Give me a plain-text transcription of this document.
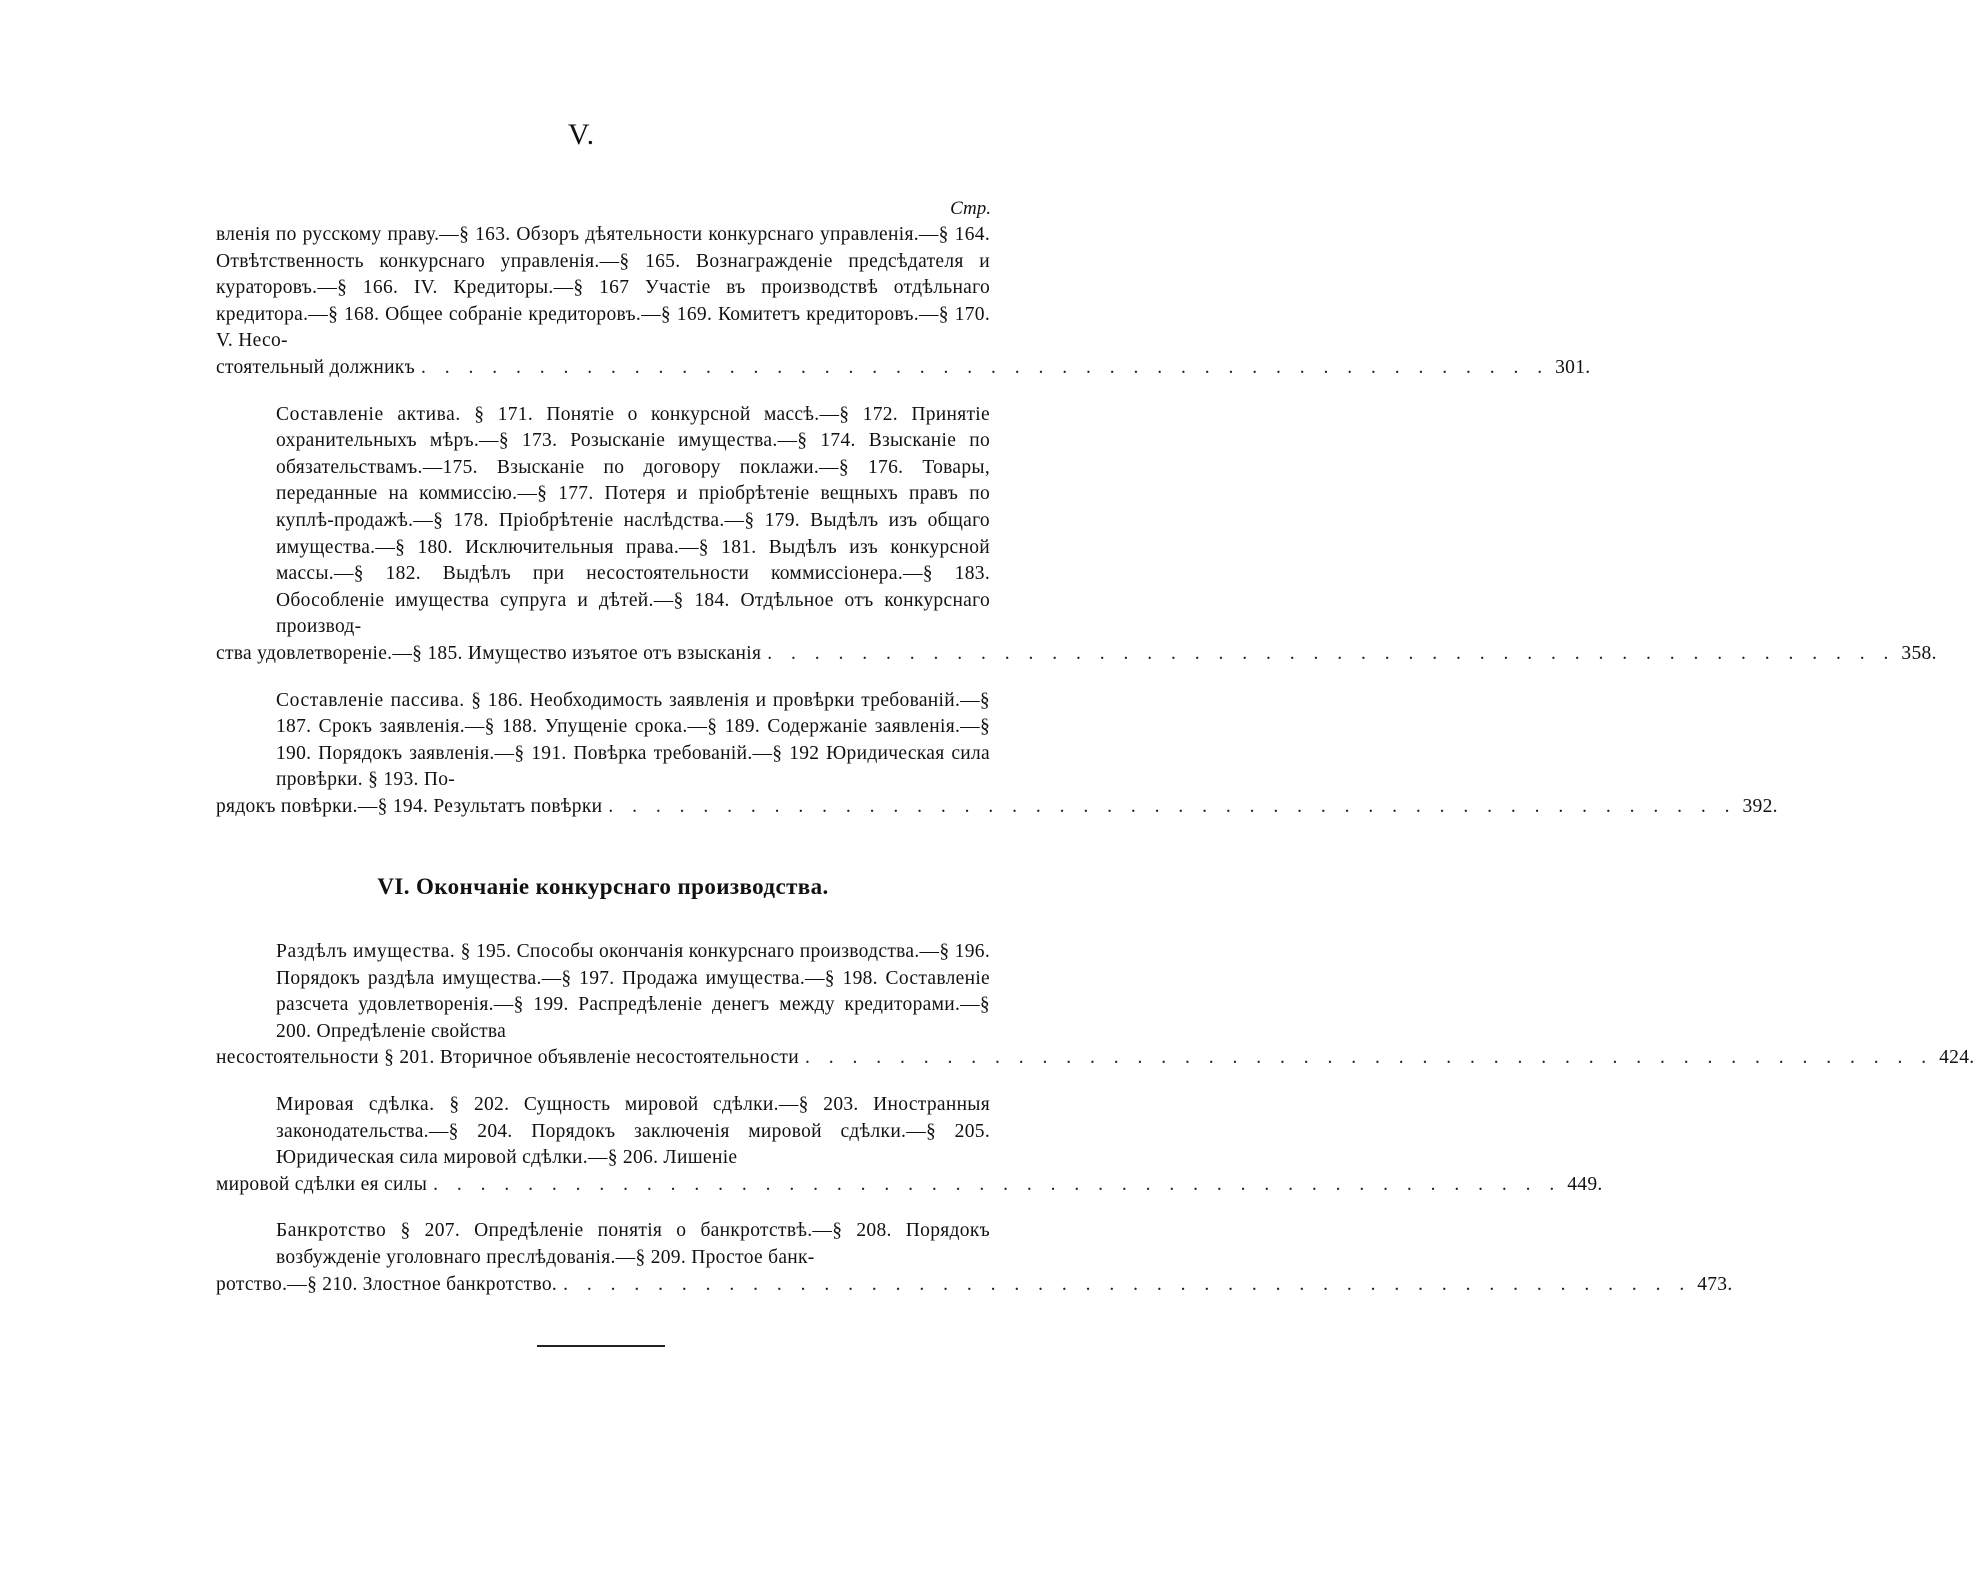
V.
Стр.
вленія по русскому праву.—§ 163. Обзоръ дѣятельности конкурснаго управленія.—§ 164. Отвѣтственность конкурснаго управленія.—§ 165. Вознагражденіе предсѣдателя и кураторовъ.—§ 166. IV. Кредиторы.—§ 167 Участіе въ производствѣ отдѣльнаго кредитора.—§ 168. Общее собраніе кредиторовъ.—§ 169. Комитетъ кредиторовъ.—§ 170. V. Несо-
стоятельный должникъ . . . . . . . . . . . . . . . . . . . . . . . . . . . . . . . . . . . . . . . . . . . . . . . . 301.
Составленіе актива. § 171. Понятіе о конкурсной массѣ.—§ 172. Принятіе охранительныхъ мѣръ.—§ 173. Розысканіе имущества.—§ 174. Взысканіе по обязательствамъ.—175. Взысканіе по договору поклажи.—§ 176. Товары, переданные на коммиссію.—§ 177. Потеря и пріобрѣтеніе вещныхъ правъ по куплѣ-продажѣ.—§ 178. Пріобрѣтеніе наслѣдства.—§ 179. Выдѣлъ изъ общаго имущества.—§ 180. Исключительныя права.—§ 181. Выдѣлъ изъ конкурсной массы.—§ 182. Выдѣлъ при несостоятельности коммиссіонера.—§ 183. Обособленіе имущества супруга и дѣтей.—§ 184. Отдѣльное отъ конкурснаго производ-
ства удовлетвореніе.—§ 185. Имущество изъятое отъ взысканія . . . . . . . . . . . . . . . . . . . . . . . . . . . . . . . . . . . . . . . . . . . . . . . . 358.
Составленіе пассива. § 186. Необходимость заявленія и провѣрки требованій.—§ 187. Срокъ заявленія.—§ 188. Упущеніе срока.—§ 189. Содержаніе заявленія.—§ 190. Порядокъ заявленія.—§ 191. Повѣрка требованій.—§ 192 Юридическая сила провѣрки. § 193. По-
рядокъ повѣрки.—§ 194. Результатъ повѣрки . . . . . . . . . . . . . . . . . . . . . . . . . . . . . . . . . . . . . . . . . . . . . . . . 392.
VI. Окончаніе конкурснаго производства.
Раздѣлъ имущества. § 195. Способы окончанія конкурснаго производства.—§ 196. Порядокъ раздѣла имущества.—§ 197. Продажа имущества.—§ 198. Составленіе разсчета удовлетворенія.—§ 199. Распредѣленіе денегъ между кредиторами.—§ 200. Опредѣленіе свойства
несостоятельности § 201. Вторичное объявленіе несостоятельности . . . . . . . . . . . . . . . . . . . . . . . . . . . . . . . . . . . . . . . . . . . . . . . . 424.
Мировая сдѣлка. § 202. Сущность мировой сдѣлки.—§ 203. Иностранныя законодательства.—§ 204. Порядокъ заключенія мировой сдѣлки.—§ 205. Юридическая сила мировой сдѣлки.—§ 206. Лишеніе
мировой сдѣлки ея силы . . . . . . . . . . . . . . . . . . . . . . . . . . . . . . . . . . . . . . . . . . . . . . . . 449.
Банкротство § 207. Опредѣленіе понятія о банкротствѣ.—§ 208. Порядокъ возбужденіе уголовнаго преслѣдованія.—§ 209. Простое банк-
ротство.—§ 210. Злостное банкротство. . . . . . . . . . . . . . . . . . . . . . . . . . . . . . . . . . . . . . . . . . . . . . . . . 473.
